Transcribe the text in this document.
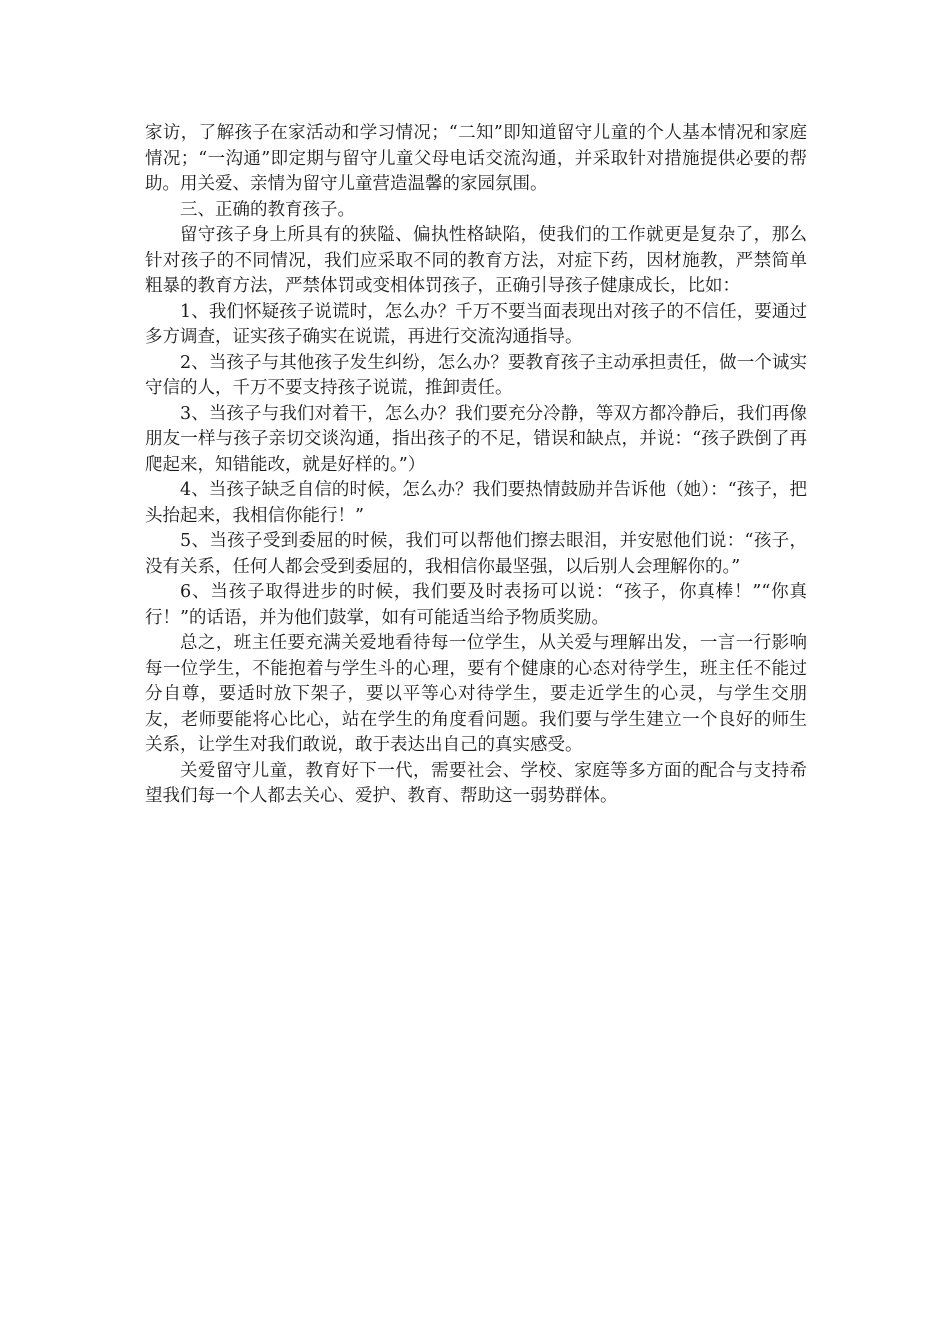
家访，了解孩子在家活动和学习情况；“二知”即知道留守儿童的个人基本情况和家庭情况；“一沟通”即定期与留守儿童父母电话交流沟通，并采取针对措施提供必要的帮助。用关爱、亲情为留守儿童营造温馨的家园氛围。

三、正确的教育孩子。

留守孩子身上所具有的狭隘、偏执性格缺陷，使我们的工作就更是复杂了，那么针对孩子的不同情况，我们应采取不同的教育方法，对症下药，因材施教，严禁简单粗暴的教育方法，严禁体罚或变相体罚孩子，正确引导孩子健康成长，比如：

1、我们怀疑孩子说谎时，怎么办？千万不要当面表现出对孩子的不信任，要通过多方调查，证实孩子确实在说谎，再进行交流沟通指导。

2、当孩子与其他孩子发生纠纷，怎么办？要教育孩子主动承担责任，做一个诚实守信的人，千万不要支持孩子说谎，推卸责任。

3、当孩子与我们对着干，怎么办？我们要充分冷静，等双方都冷静后，我们再像朋友一样与孩子亲切交谈沟通，指出孩子的不足，错误和缺点，并说：“孩子跌倒了再爬起来，知错能改，就是好样的。”）

4、当孩子缺乏自信的时候，怎么办？我们要热情鼓励并告诉他（她）：“孩子，把头抬起来，我相信你能行！”

5、当孩子受到委屈的时候，我们可以帮他们擦去眼泪，并安慰他们说：“孩子，没有关系，任何人都会受到委屈的，我相信你最坚强，以后别人会理解你的。”

6、当孩子取得进步的时候，我们要及时表扬可以说：“孩子，你真棒！”“你真行！”的话语，并为他们鼓掌，如有可能适当给予物质奖励。

总之，班主任要充满关爱地看待每一位学生，从关爱与理解出发，一言一行影响每一位学生，不能抱着与学生斗的心理，要有个健康的心态对待学生，班主任不能过分自尊，要适时放下架子，要以平等心对待学生，要走近学生的心灵，与学生交朋友，老师要能将心比心，站在学生的角度看问题。我们要与学生建立一个良好的师生关系，让学生对我们敢说，敢于表达出自己的真实感受。

关爱留守儿童，教育好下一代，需要社会、学校、家庭等多方面的配合与支持希望我们每一个人都去关心、爱护、教育、帮助这一弱势群体。
